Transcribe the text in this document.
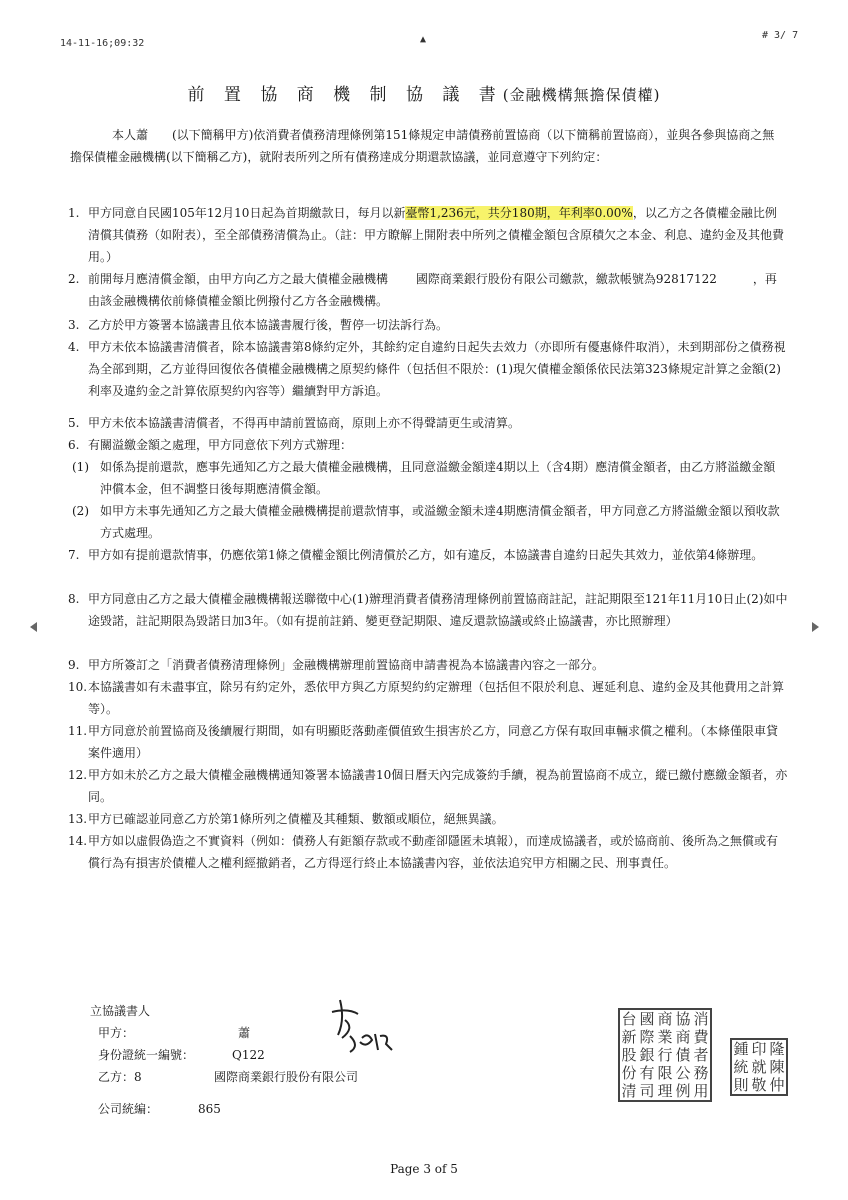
14-11-16;09:32	▲	# 3/ 7
前 置 協 商 機 制 協 議 書(金融機構無擔保債權)
本人蕭　　(以下簡稱甲方)依消費者債務清理條例第151條規定申請債務前置協商（以下簡稱前置協商），並與各參與協商之無擔保債權金融機構(以下簡稱乙方)，就附表所列之所有債務達成分期還款協議，並同意遵守下列約定：
1. 甲方同意自民國105年12月10日起為首期繳款日，每月以新臺幣1,236元，共分180期，年利率0.00%，以乙方之各債權金融比例清償其債務（如附表），至全部債務清償為止。（註：甲方瞭解上開附表中所列之債權金額包含原積欠之本金、利息、違約金及其他費用。）
2. 前開每月應清償金額，由甲方向乙方之最大債權金融機構　　 國際商業銀行股份有限公司繳款，繳款帳號為92817122　　　，再由該金融機構依前條債權金額比例撥付乙方各金融機構。
3. 乙方於甲方簽署本協議書且依本協議書履行後，暫停一切法訴行為。
4. 甲方未依本協議書清償者，除本協議書第8條約定外，其餘約定自違約日起失去效力（亦即所有優惠條件取消），未到期部份之債務視為全部到期，乙方並得回復依各債權金融機構之原契約條件（包括但不限於：(1)現欠債權金額係依民法第323條規定計算之金額(2)利率及違約金之計算依原契約內容等）繼續對甲方訴追。
5. 甲方未依本協議書清償者，不得再申請前置協商，原則上亦不得聲請更生或清算。
6. 有關溢繳金額之處理，甲方同意依下列方式辦理：
(1) 如係為提前還款，應事先通知乙方之最大債權金融機構，且同意溢繳金額達4期以上（含4期）應清償金額者，由乙方將溢繳金額沖償本金，但不調整日後每期應清償金額。
(2) 如甲方未事先通知乙方之最大債權金融機構提前還款情事，或溢繳金額未達4期應清償金額者，甲方同意乙方將溢繳金額以預收款方式處理。
7. 甲方如有提前還款情事，仍應依第1條之債權金額比例清償於乙方，如有違反，本協議書自違約日起失其效力，並依第4條辦理。
8. 甲方同意由乙方之最大債權金融機構報送聯徵中心(1)辦理消費者債務清理條例前置協商註記，註記期限至121年11月10日止(2)如中途毀諾，註記期限為毀諾日加3年。（如有提前註銷、變更登記期限、違反還款協議或終止協議書，亦比照辦理）
9. 甲方所簽訂之「消費者債務清理條例」金融機構辦理前置協商申請書視為本協議書內容之一部分。
10. 本協議書如有未盡事宜，除另有約定外，悉依甲方與乙方原契約約定辦理（包括但不限於利息、遲延利息、違約金及其他費用之計算等）。
11. 甲方同意於前置協商及後續履行期間，如有明顯貶落動產價值致生損害於乙方，同意乙方保有取回車輛求償之權利。（本條僅限車貸案件適用）
12. 甲方如未於乙方之最大債權金融機構通知簽署本協議書10個日曆天內完成簽約手續，視為前置協商不成立，縱已繳付應繳金額者，亦同。
13. 甲方已確認並同意乙方於第1條所列之債權及其種類、數額或順位，絕無異議。
14. 甲方如以虛假偽造之不實資料（例如：債務人有鉅額存款或不動產卻隱匿未填報），而達成協議者，或於協商前、後所為之無償或有償行為有損害於債權人之權利經撤銷者，乙方得逕行終止本協議書內容，並依法追究甲方相關之民、刑事責任。
立協議書人
甲方：	蕭
身份證統一編號：	Q122
乙方：8	國際商業銀行股份有限公司
公司統編：	865
台 國 商 協 消
新 際 業 商 費
股 銀 行 債 者
份 有 限 公 務
清 司 理 例 用
鍾 印 隆
統 就 陳
則 敬 仲
Page 3 of 5
